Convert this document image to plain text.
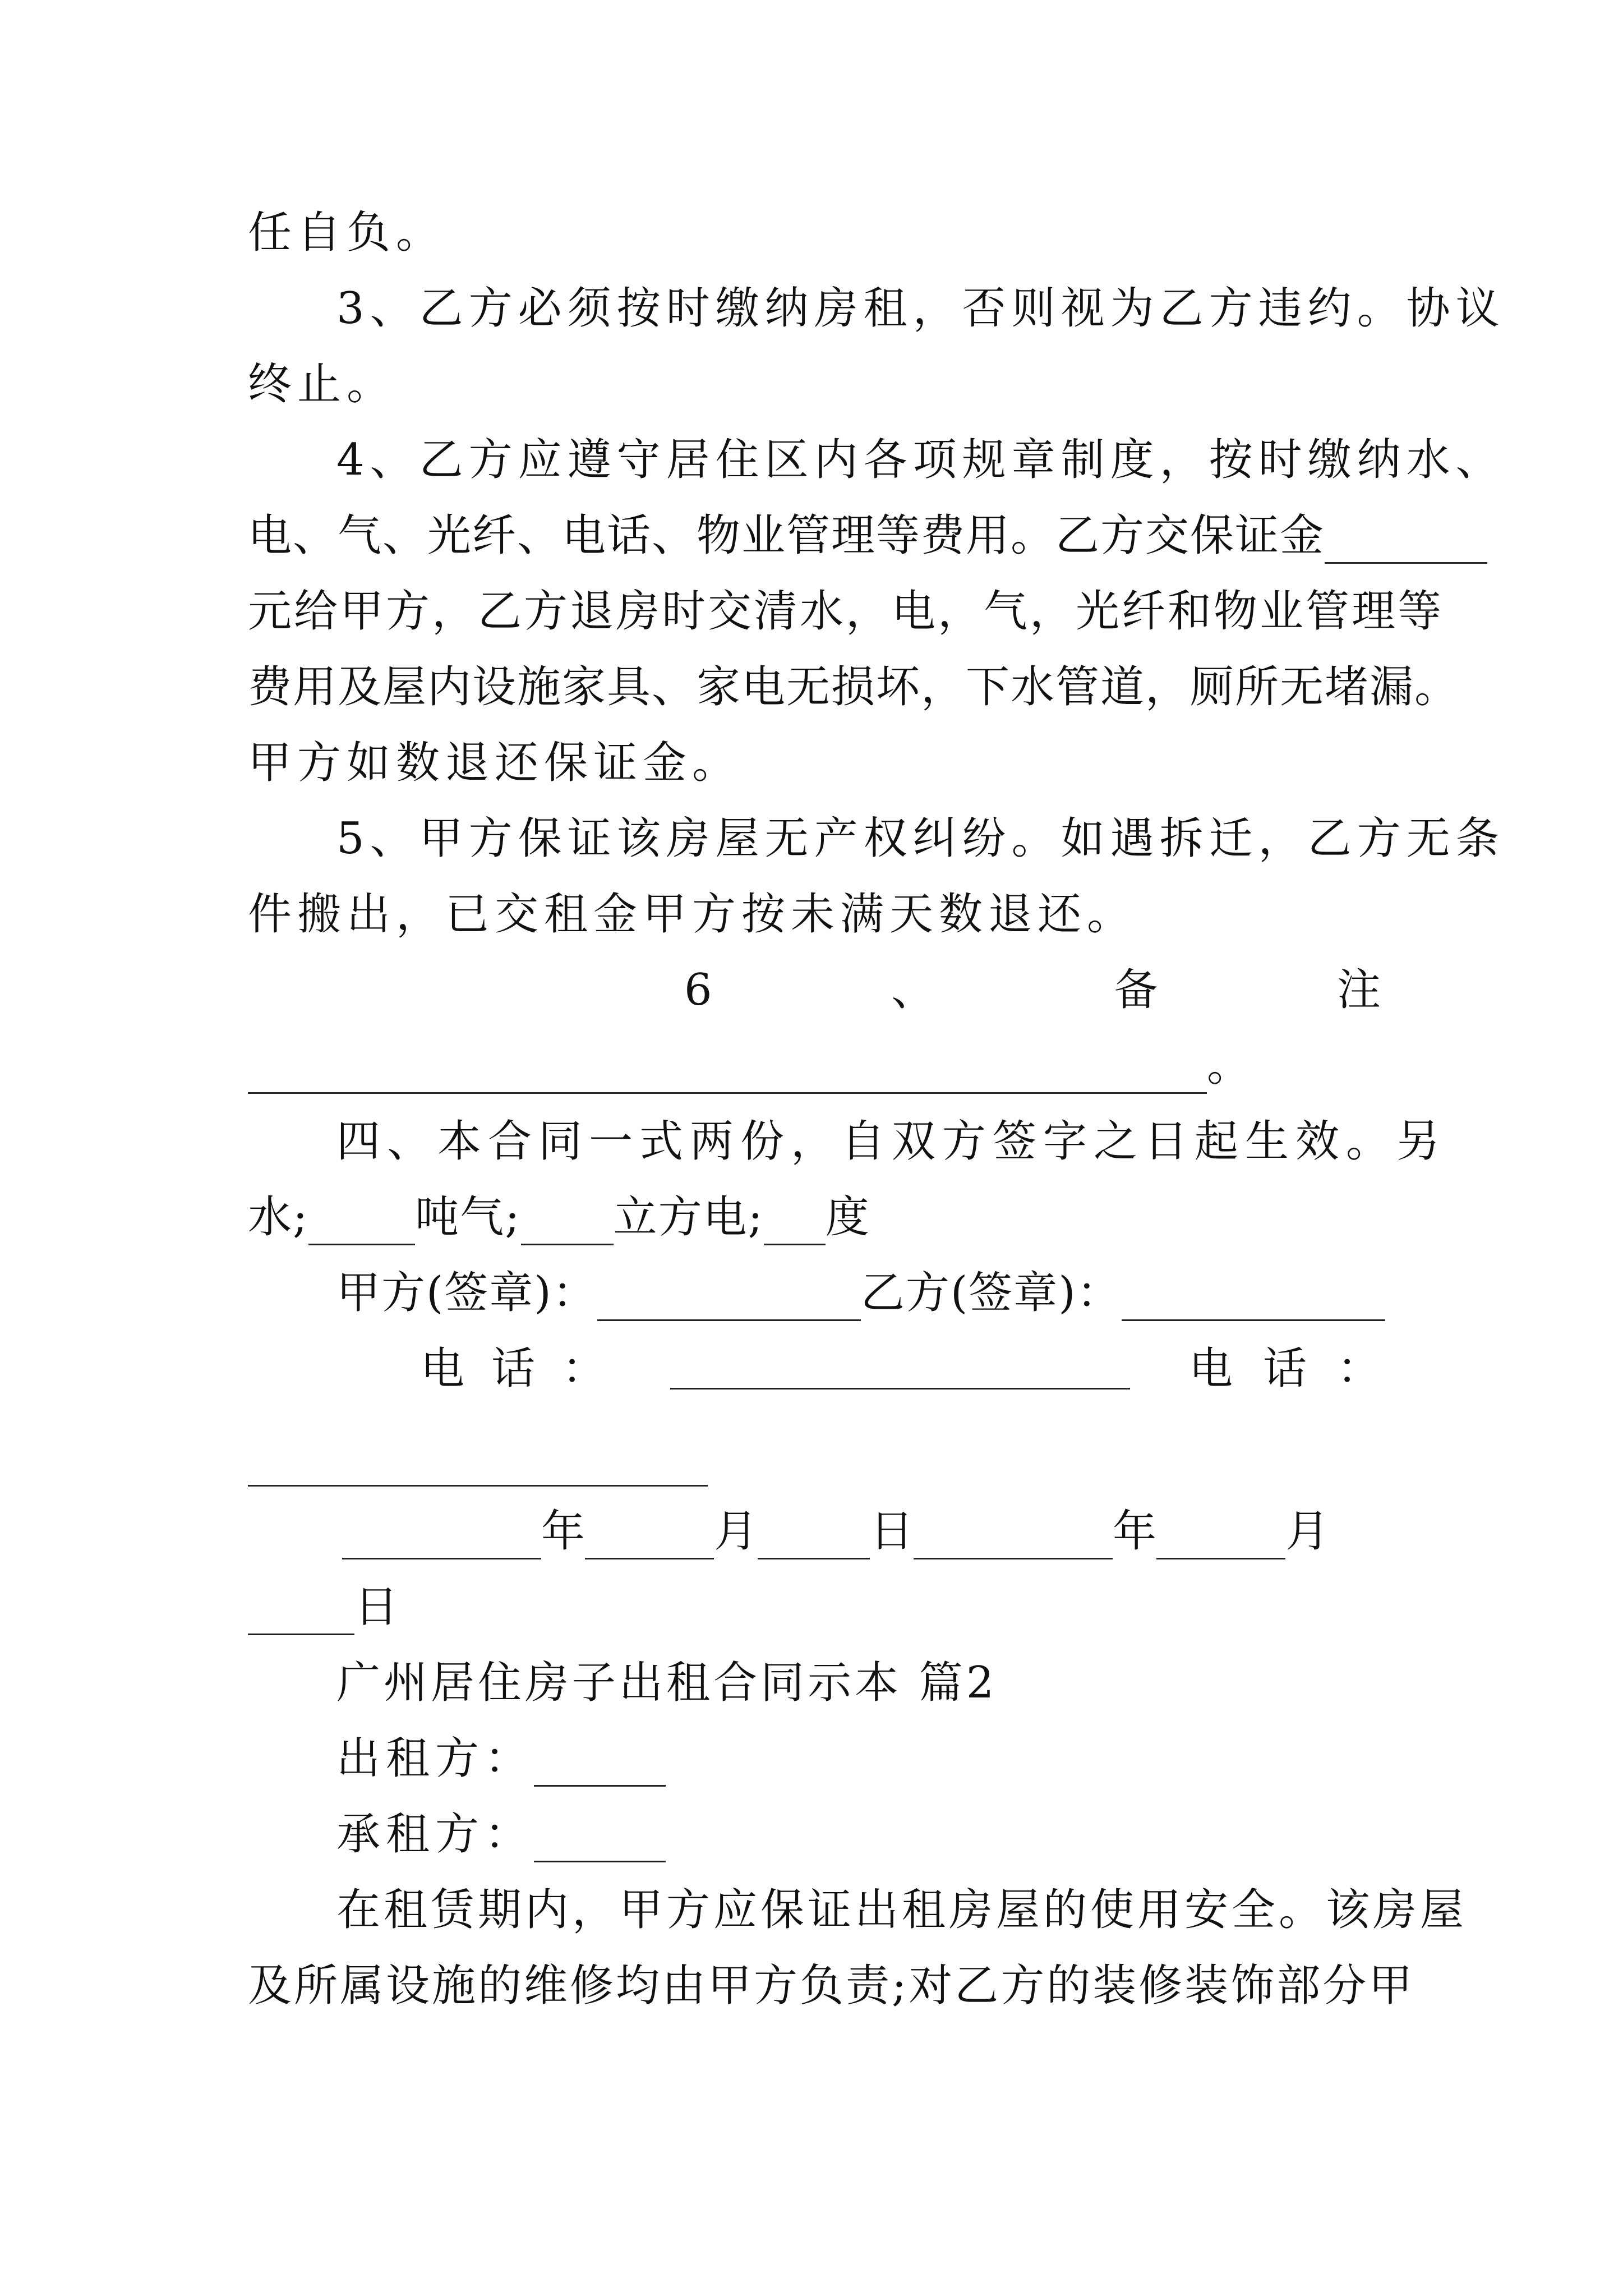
任自负。
3、乙方必须按时缴纳房租，否则视为乙方违约。协议
终止。
4、乙方应遵守居住区内各项规章制度，按时缴纳水、
电、气、光纤、电话、物业管理等费用。乙方交保证金
元给甲方，乙方退房时交清水，电，气，光纤和物业管理等
费用及屋内设施家具、家电无损坏，下水管道，厕所无堵漏。
甲方如数退还保证金。
5、甲方保证该房屋无产权纠纷。如遇拆迁，乙方无条
件搬出，已交租金甲方按未满天数退还。
6	、	备	注
。
四、本合同一式两份，自双方签字之日起生效。另
水; 吨气; 立方电; 度
甲方(签章)：	乙方(签章)：
电 话 ：	电 话 ：
年	月	日	年	月
日
广州居住房子出租合同示本 篇2
出租方：
承租方：
在租赁期内，甲方应保证出租房屋的使用安全。该房屋
及所属设施的维修均由甲方负责;对乙方的装修装饰部分甲
